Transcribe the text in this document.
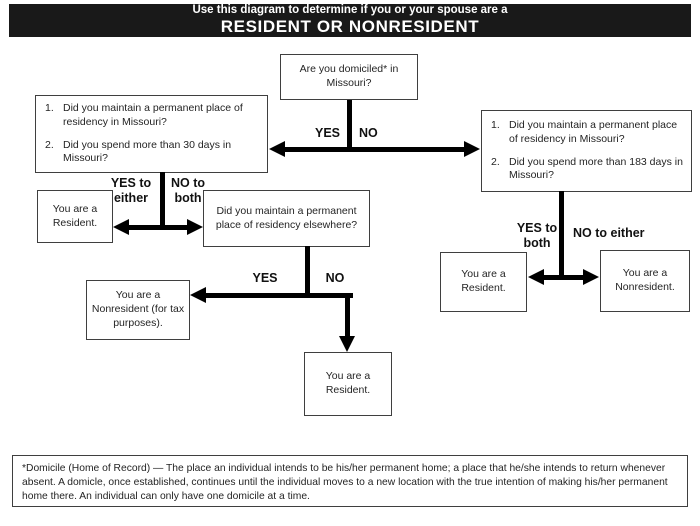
Use this diagram to determine if you or your spouse are a
RESIDENT OR NONRESIDENT
Are you domiciled* in Missouri?
1. Did you maintain a permanent place of residency in Missouri?
2. Did you spend more than 30 days in Missouri?
1. Did you maintain a permanent place of residency in Missouri?
2. Did you spend more than 183 days in Missouri?
You are a Resident.
Did you maintain a permanent place of residency elsewhere?
You are a Nonresident (for tax purposes).
You are a Resident.
You are a Resident.
You are a Nonresident.
YES NO
YES to either
NO to both
YES	NO
YES to both
NO to either
*Domicile (Home of Record) — The place an individual intends to be his/her permanent home; a place that he/she intends to return whenever absent. A domicle, once established, continues until the individual moves to a new location with the true intention of making his/her permanent home there. An individual can only have one domicile at a time.
